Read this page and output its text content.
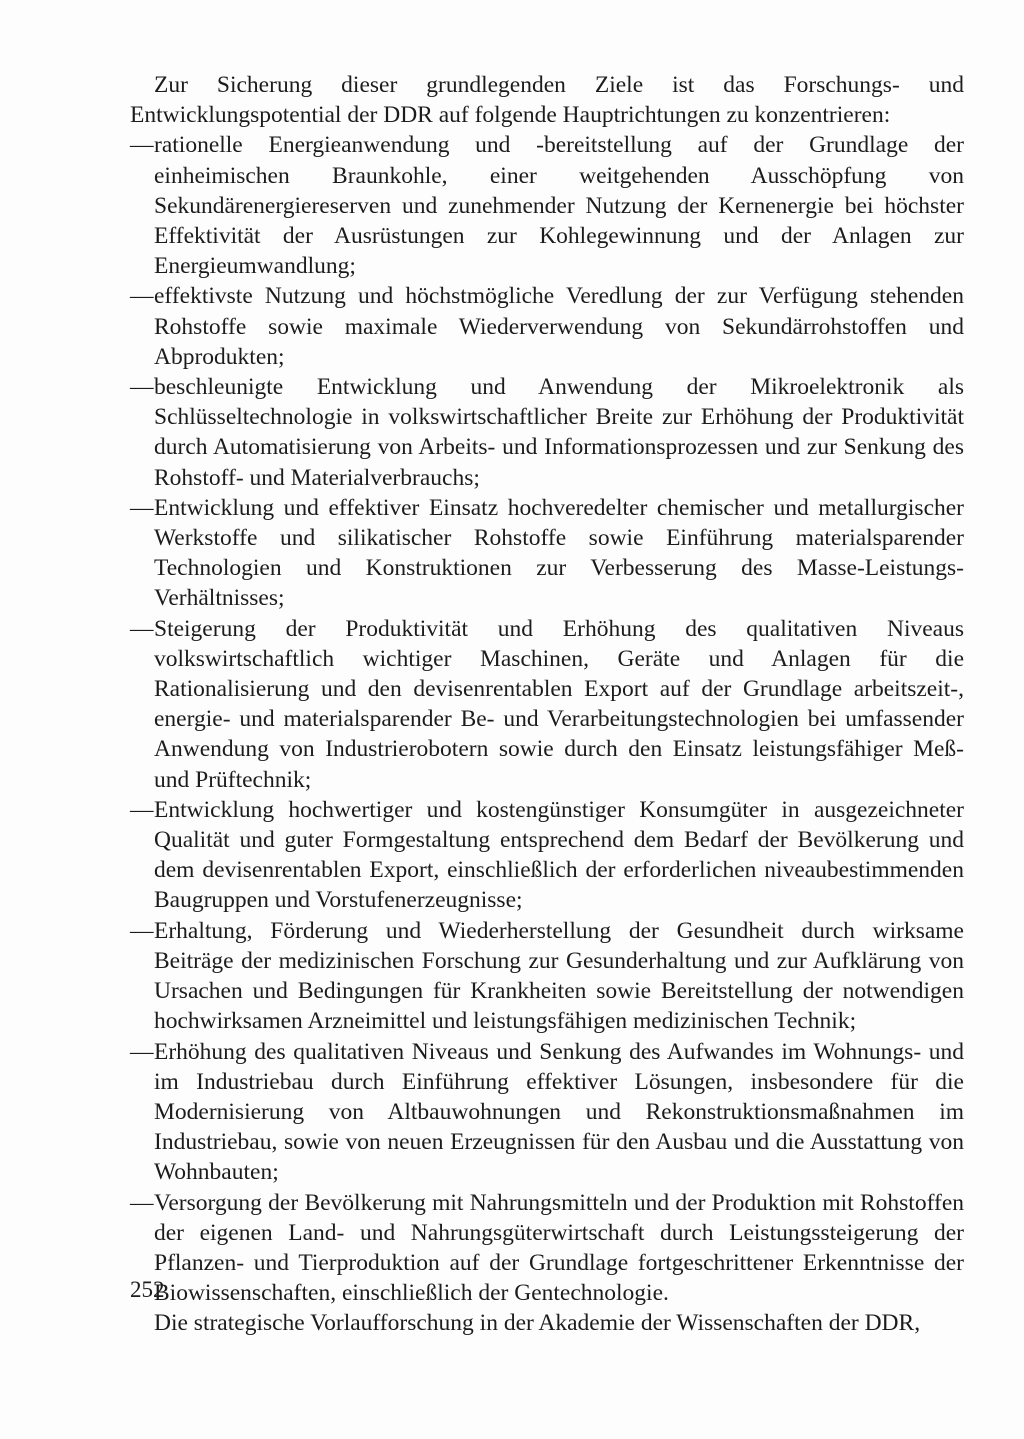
Zur Sicherung dieser grundlegenden Ziele ist das Forschungs- und Entwicklungspotential der DDR auf folgende Hauptrichtungen zu konzentrieren:

— rationelle Energieanwendung und -bereitstellung auf der Grundlage der einheimischen Braunkohle, einer weitgehenden Ausschöpfung von Sekundärenergiereserven und zunehmender Nutzung der Kernenergie bei höchster Effektivität der Ausrüstungen zur Kohlegewinnung und der Anlagen zur Energieumwandlung;
— effektivste Nutzung und höchstmögliche Veredlung der zur Verfügung stehenden Rohstoffe sowie maximale Wiederverwendung von Sekundärrohstoffen und Abprodukten;
— beschleunigte Entwicklung und Anwendung der Mikroelektronik als Schlüsseltechnologie in volkswirtschaftlicher Breite zur Erhöhung der Produktivität durch Automatisierung von Arbeits- und Informationsprozessen und zur Senkung des Rohstoff- und Materialverbrauchs;
— Entwicklung und effektiver Einsatz hochveredelter chemischer und metallurgischer Werkstoffe und silikatischer Rohstoffe sowie Einführung materialsparender Technologien und Konstruktionen zur Verbesserung des Masse-Leistungs-Verhältnisses;
— Steigerung der Produktivität und Erhöhung des qualitativen Niveaus volkswirtschaftlich wichtiger Maschinen, Geräte und Anlagen für die Rationalisierung und den devisenrentablen Export auf der Grundlage arbeitszeit-, energie- und materialsparender Be- und Verarbeitungstechnologien bei umfassender Anwendung von Industrierobotern sowie durch den Einsatz leistungsfähiger Meß- und Prüftechnik;
— Entwicklung hochwertiger und kostengünstiger Konsumgüter in ausgezeichneter Qualität und guter Formgestaltung entsprechend dem Bedarf der Bevölkerung und dem devisenrentablen Export, einschließlich der erforderlichen niveaubestimmenden Baugruppen und Vorstufenerzeugnisse;
— Erhaltung, Förderung und Wiederherstellung der Gesundheit durch wirksame Beiträge der medizinischen Forschung zur Gesunderhaltung und zur Aufklärung von Ursachen und Bedingungen für Krankheiten sowie Bereitstellung der notwendigen hochwirksamen Arzneimittel und leistungsfähigen medizinischen Technik;
— Erhöhung des qualitativen Niveaus und Senkung des Aufwandes im Wohnungs- und im Industriebau durch Einführung effektiver Lösungen, insbesondere für die Modernisierung von Altbauwohnungen und Rekonstruktionsmaßnahmen im Industriebau, sowie von neuen Erzeugnissen für den Ausbau und die Ausstattung von Wohnbauten;
— Versorgung der Bevölkerung mit Nahrungsmitteln und der Produktion mit Rohstoffen der eigenen Land- und Nahrungsgüterwirtschaft durch Leistungssteigerung der Pflanzen- und Tierproduktion auf der Grundlage fortgeschrittener Erkenntnisse der Biowissenschaften, einschließlich der Gentechnologie.

Die strategische Vorlaufforschung in der Akademie der Wissenschaften der DDR,

252
